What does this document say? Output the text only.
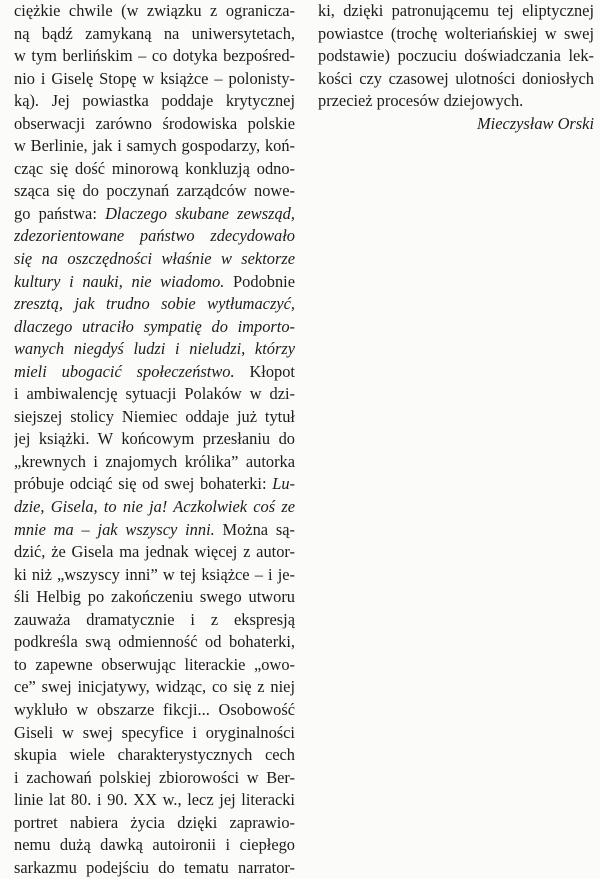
ciężkie chwile (w związku z ogranicza-
ną bądź zamykaną na uniwersytetach,
w tym berlińskim – co dotyka bezpośred-
nio i Giselę Stopę w książce – polonisty-
ką). Jej powiastka poddaje krytycznej
obserwacji zarówno środowiska polskie
w Berlinie, jak i samych gospodarzy, koń-
cząc się dość minorową konkluzją odno-
sząca się do poczynań zarządców nowe-
go państwa: Dlaczego skubane zewsząd,
zdezorientowane państwo zdecydowało
się na oszczędności właśnie w sektorze
kultury i nauki, nie wiadomo. Podobnie
zresztą, jak trudno sobie wytłumaczyć,
dlaczego utraciło sympatię do importo-
wanych niegdyś ludzi i nieludzi, którzy
mieli ubogacić społeczeństwo. Kłopot
i ambiwalencję sytuacji Polaków w dzi-
siejszej stolicy Niemiec oddaje już tytuł
jej książki. W końcowym przesłaniu do
„krewnych i znajomych królika” autorka
próbuje odciąć się od swej bohaterki: Lu-
dzie, Gisela, to nie ja! Aczkolwiek coś ze
mnie ma – jak wszyscy inni. Można są-
dzić, że Gisela ma jednak więcej z autor-
ki niż „wszyscy inni” w tej książce – i je-
śli Helbig po zakończeniu swego utworu
zauważa dramatycznie i z ekspresją
podkreśla swą odmienność od bohaterki,
to zapewne obserwując literackie „owo-
ce” swej inicjatywy, widząc, co się z niej
wykluło w obszarze fikcji... Osobowość
Giseli w swej specyfice i oryginalności
skupia wiele charakterystycznych cech
i zachowań polskiej zbiorowości w Ber-
linie lat 80. i 90. XX w., lecz jej literacki
portret nabiera życia dzięki zaprawio-
nemu dużą dawką autoironii i ciepłego
sarkazmu podejściu do tematu narrator-
ki, dzięki patronującemu tej eliptycznej
powiastce (trochę wolteriańskiej w swej
podstawie) poczuciu doświadczania lek-
kości czy czasowej ulotności doniosłych
przecież procesów dziejowych.
Mieczysław Orski
